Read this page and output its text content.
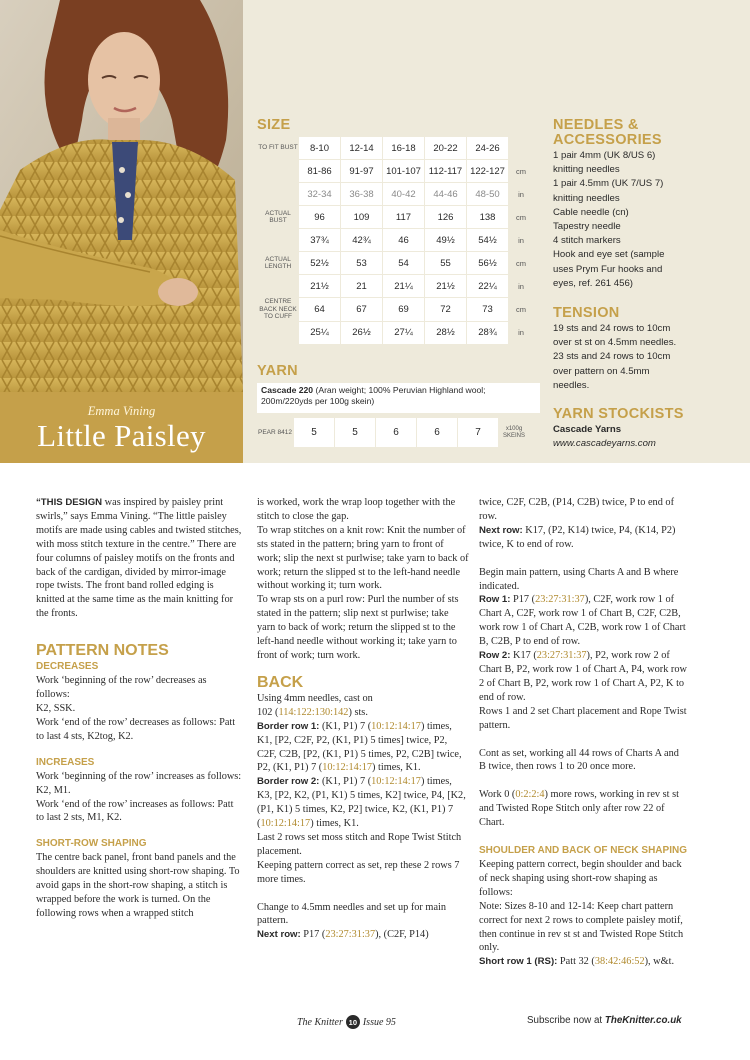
Emma Vining
Little Paisley
SIZE
TO FIT BUST	8-10	12-14	16-18	20-22	24-26	
	81-86	91-97	101-107	112-117	122-127	cm
	32-34	36-38	40-42	44-46	48-50	in
ACTUAL BUST	96	109	117	126	138	cm
	37¾	42¾	46	49½	54½	in
ACTUAL LENGTH	52½	53	54	55	56½	cm
	21½	21	21¼	21½	22¼	in
CENTRE BACK NECK TO CUFF	64	67	69	72	73	cm
	25¼	26½	27¼	28½	28¾	in
YARN
Cascade 220 (Aran weight; 100% Peruvian Highland wool; 200m/220yds per 100g skein)
PEAR 8412	5	5	6	6	7	x100g SKEINS
NEEDLES & ACCESSORIES

1 pair 4mm (UK 8/US 6)

knitting needles

1 pair 4.5mm (UK 7/US 7)

knitting needles

Cable needle (cn)

Tapestry needle

4 stitch markers

Hook and eye set (sample

uses Prym Fur hooks and

eyes, ref. 261 456)

TENSION

19 sts and 24 rows to 10cm

over st st on 4.5mm needles.

23 sts and 24 rows to 10cm

over pattern on 4.5mm

needles.

YARN STOCKISTS

Cascade Yarns

www.cascadeyarns.com

“THIS DESIGN was inspired by paisley print swirls,” says Emma Vining. “The little paisley motifs are made using cables and twisted stitches, with moss stitch texture in the centre.” There are four columns of paisley motifs on the fronts and back of the cardigan, divided by mirror-image rope twists. The front band rolled edging is knitted at the same time as the main knitting for the fronts.

PATTERN NOTES
DECREASES

Work ‘beginning of the row’ decreases as follows:

K2, SSK.

Work ‘end of the row’ decreases as follows: Patt to last 4 sts, K2tog, K2.

INCREASES

Work ‘beginning of the row’ increases as follows:

K2, M1.

Work ‘end of the row’ increases as follows: Patt to last 2 sts, M1, K2.

SHORT-ROW SHAPING

The centre back panel, front band panels and the shoulders are knitted using short-row shaping. To avoid gaps in the short-row shaping, a stitch is wrapped before the work is turned. On the following rows when a wrapped stitch

is worked, work the wrap loop together with the stitch to close the gap.

To wrap stitches on a knit row: Knit the number of sts stated in the pattern; bring yarn to front of work; slip the next st purlwise; take yarn to back of work; return the slipped st to the left-hand needle without working it; turn work.

To wrap sts on a purl row: Purl the number of sts stated in the pattern; slip next st purlwise; take yarn to back of work; return the slipped st to the left-hand needle without working it; take yarn to front of work; turn work.

BACK

Using 4mm needles, cast on
102 (114:122:130:142) sts.

Border row 1: (K1, P1) 7 (10:12:14:17) times, K1, [P2, C2F, P2, (K1, P1) 5 times] twice, P2, C2F, C2B, [P2, (K1, P1) 5 times, P2, C2B] twice, P2, (K1, P1) 7 (10:12:14:17) times, K1.

Border row 2: (K1, P1) 7 (10:12:14:17) times, K3, [P2, K2, (P1, K1) 5 times, K2] twice, P4, [K2, (P1, K1) 5 times, K2, P2] twice, K2, (K1, P1) 7 (10:12:14:17) times, K1.

Last 2 rows set moss stitch and Rope Twist Stitch placement.

Keeping pattern correct as set, rep these 2 rows 7 more times.

Change to 4.5mm needles and set up for main pattern.

Next row: P17 (23:27:31:37), (C2F, P14)

twice, C2F, C2B, (P14, C2B) twice, P to end of row.

Next row: K17, (P2, K14) twice, P4, (K14, P2) twice, K to end of row.

Begin main pattern, using Charts A and B where indicated.

Row 1: P17 (23:27:31:37), C2F, work row 1 of Chart A, C2F, work row 1 of Chart B, C2F, C2B, work row 1 of Chart A, C2B, work row 1 of Chart B, C2B, P to end of row.

Row 2: K17 (23:27:31:37), P2, work row 2 of Chart B, P2, work row 1 of Chart A, P4, work row 2 of Chart B, P2, work row 1 of Chart A, P2, K to end of row.

Rows 1 and 2 set Chart placement and Rope Twist pattern.

Cont as set, working all 44 rows of Charts A and B twice, then rows 1 to 20 once more.

Work 0 (0:2:2:4) more rows, working in rev st st and Twisted Rope Stitch only after row 22 of Chart.

SHOULDER AND BACK OF NECK SHAPING

Keeping pattern correct, begin shoulder and back of neck shaping using short-row shaping as follows:

Note: Sizes 8-10 and 12-14: Keep chart pattern correct for next 2 rows to complete paisley motif, then continue in rev st st and Twisted Rope Stitch only.

Short row 1 (RS): Patt 32 (38:42:46:52), w&t.

The Knitter 10 Issue 95	Subscribe now at TheKnitter.co.uk
